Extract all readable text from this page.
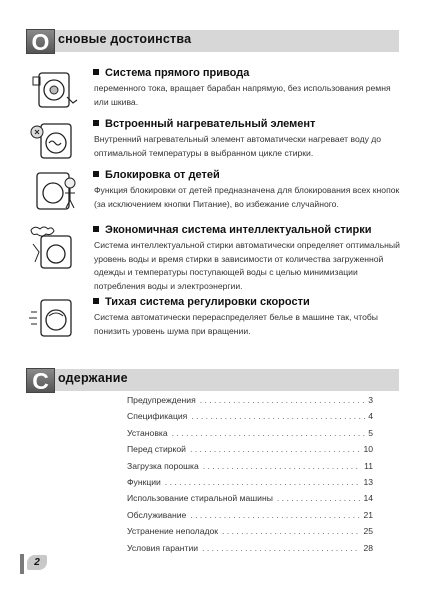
О сновые достоинства
Система прямого привода
переменного тока, вращает барабан напрямую, без использования ремня или шкива.
Встроенный нагревательный элемент
Внутренний нагревательный элемент автоматически нагревает воду до оптимальной температуры в выбранном цикле стирки.
Блокировка от детей
Функция блокировки от детей предназначена для блокирования всех кнопок (за исключением кнопки Питание), во избежание случайного.
Экономичная система интеллектуальной стирки
Система интеллектуальной стирки автоматически определяет оптимальный уровень воды и время стирки в зависимости от количества загруженной одежды и температуры поступающей воды с целью минимизации потребления воды и электроэнергии.
Тихая система регулировки скорости
Система автоматически перераспределяет белье в машине так, чтобы понизить уровень шума при вращении.
С одержание
Предупреждения . . .	3
Спецификация . . .	4
Установка . . .	5
Перед стиркой . . .	10
Загрузка порошка . . .	11
Функции . . .	13
Использование стиральной машины . . .	14
Обслуживание . . .	21
Устранение неполадок . . .	25
Условия гарантии . . .	28
2
